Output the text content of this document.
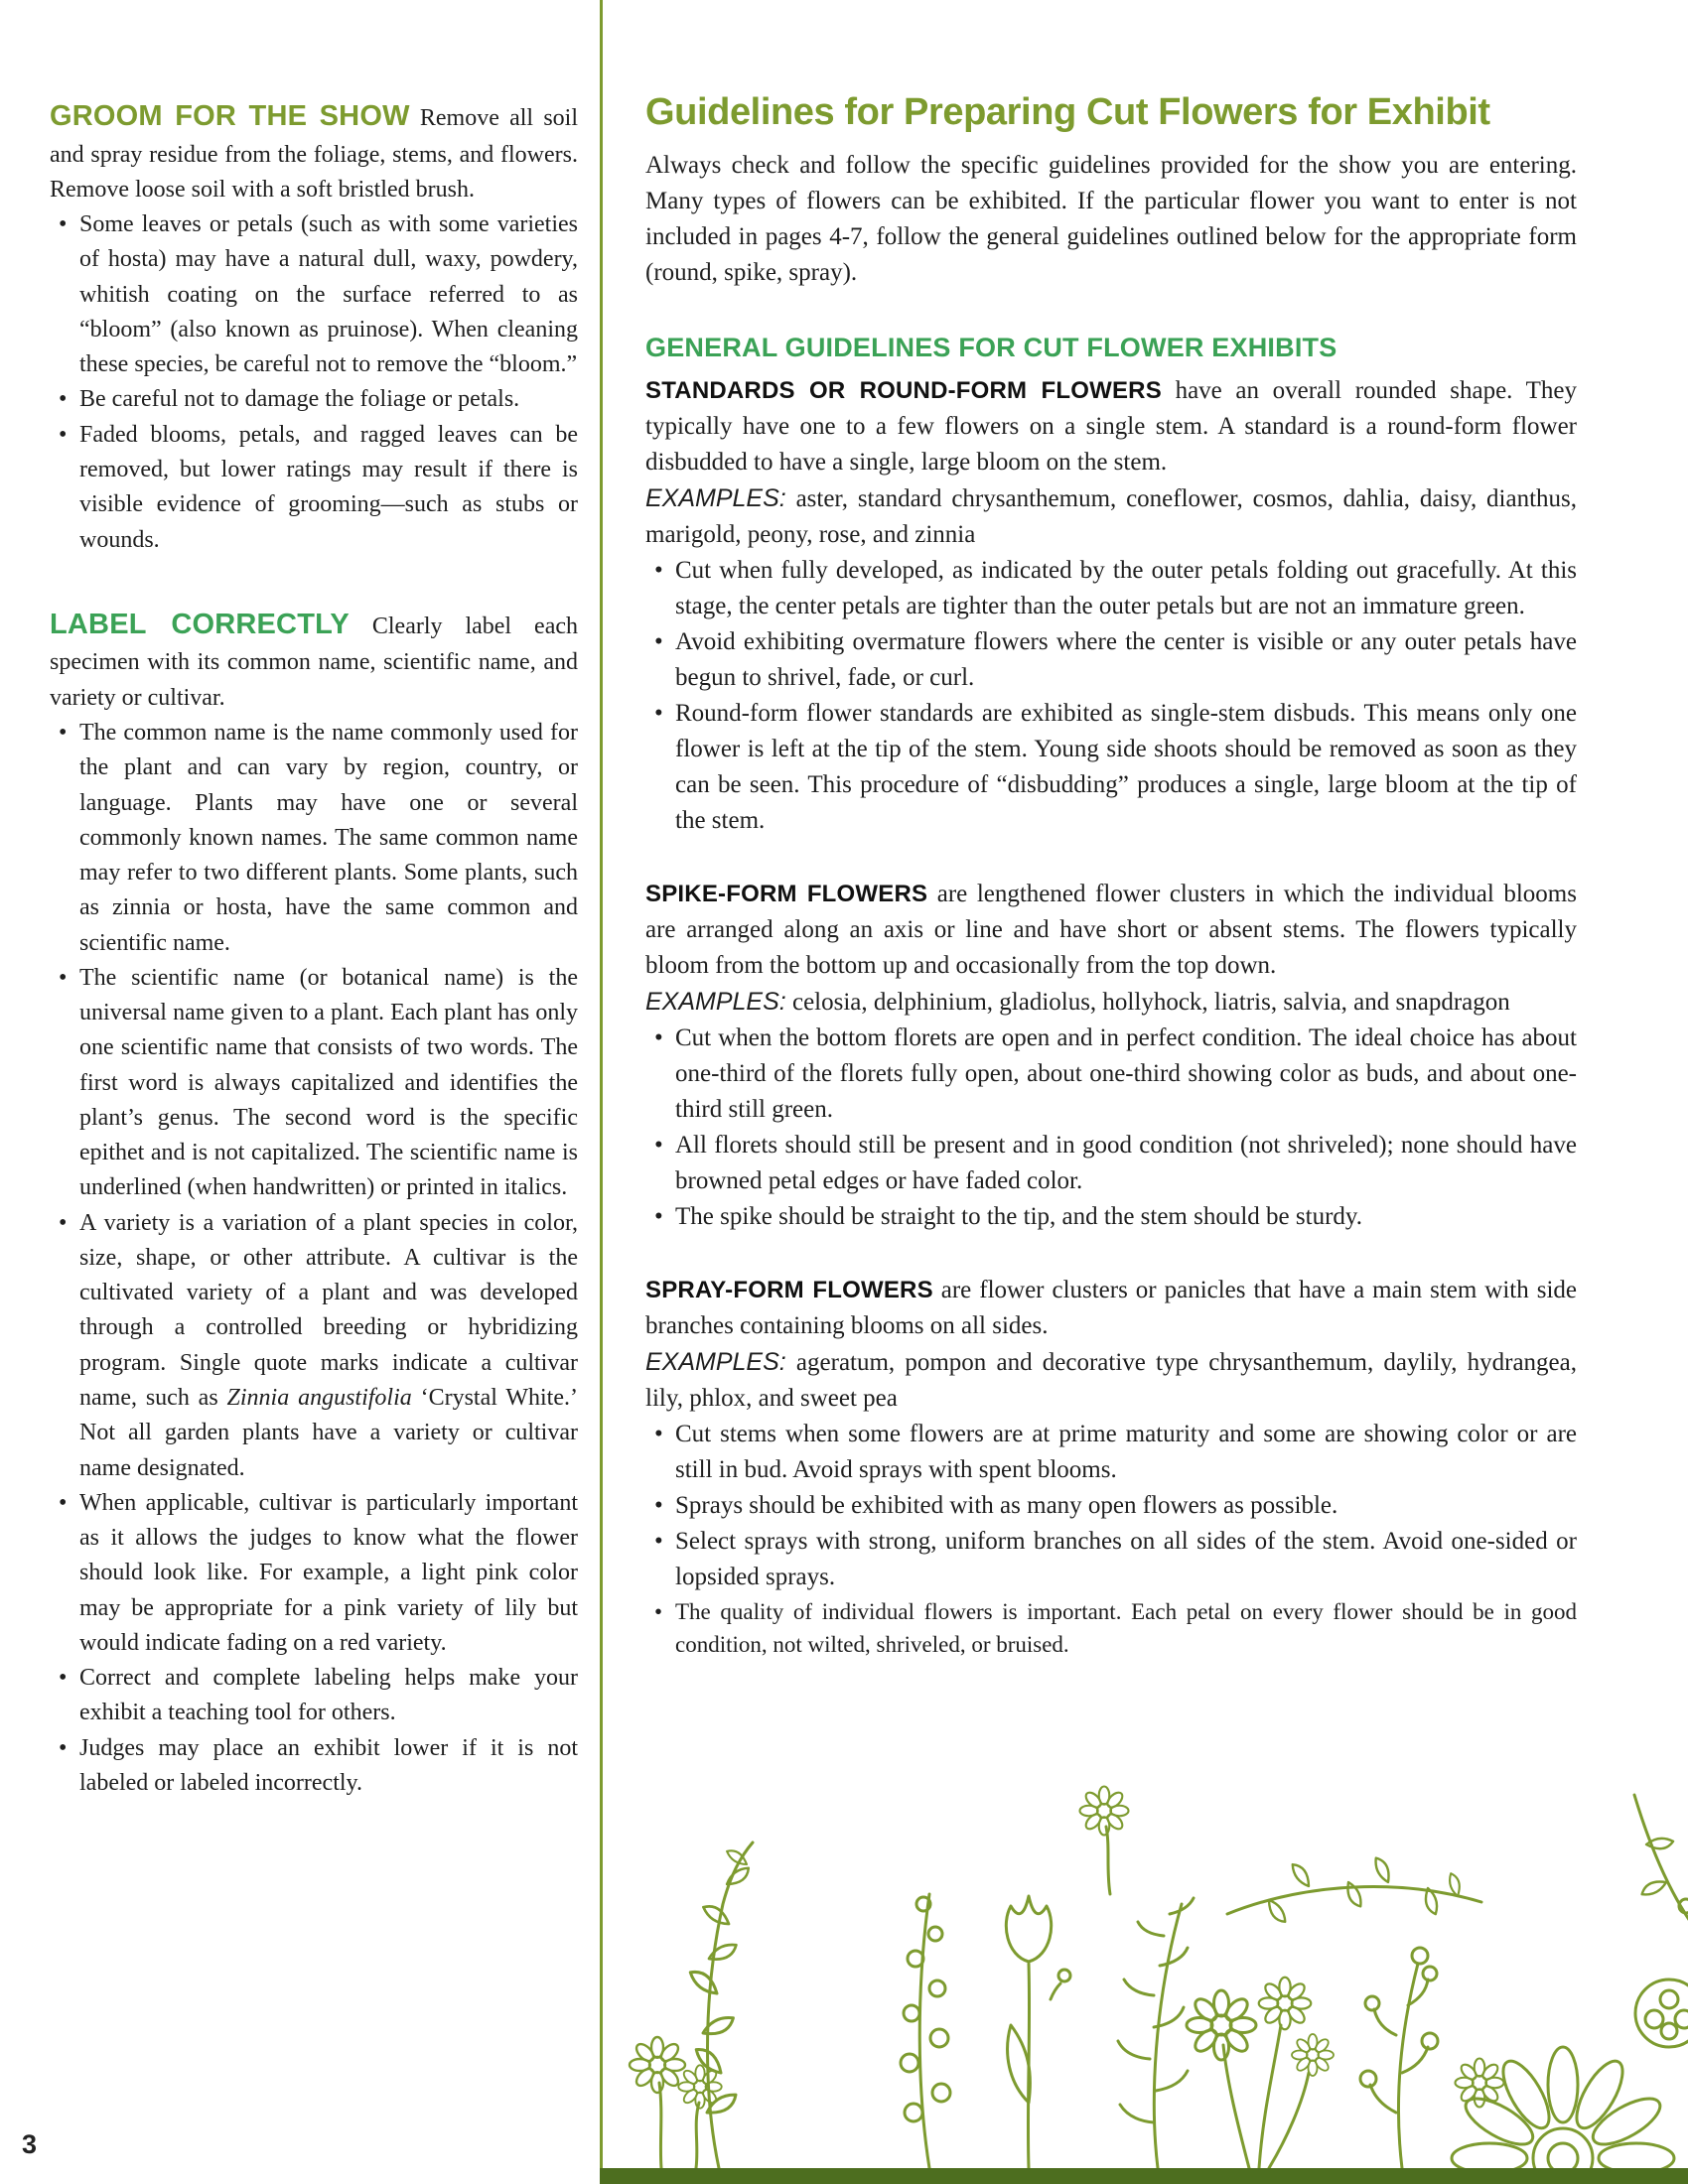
GROOM FOR THE SHOW Remove all soil and spray residue from the foliage, stems, and flowers. Remove loose soil with a soft bristled brush.

• Some leaves or petals (such as with some varieties of hosta) may have a natural dull, waxy, powdery, whitish coating on the surface referred to as “bloom” (also known as pruinose). When cleaning these species, be careful not to remove the “bloom.”
• Be careful not to damage the foliage or petals.
• Faded blooms, petals, and ragged leaves can be removed, but lower ratings may result if there is visible evidence of grooming—such as stubs or wounds.

LABEL CORRECTLY Clearly label each specimen with its common name, scientific name, and variety or cultivar.

• The common name is the name commonly used for the plant and can vary by region, country, or language. Plants may have one or several commonly known names. The same common name may refer to two different plants. Some plants, such as zinnia or hosta, have the same common and scientific name.
• The scientific name (or botanical name) is the universal name given to a plant. Each plant has only one scientific name that consists of two words. The first word is always capitalized and identifies the plant’s genus. The second word is the specific epithet and is not capitalized. The scientific name is underlined (when handwritten) or printed in italics.
• A variety is a variation of a plant species in color, size, shape, or other attribute. A cultivar is the cultivated variety of a plant and was developed through a controlled breeding or hybridizing program. Single quote marks indicate a cultivar name, such as Zinnia angustifolia ‘Crystal White.’ Not all garden plants have a variety or cultivar name designated.
• When applicable, cultivar is particularly important as it allows the judges to know what the flower should look like. For example, a light pink color may be appropriate for a pink variety of lily but would indicate fading on a red variety.
• Correct and complete labeling helps make your exhibit a teaching tool for others.
• Judges may place an exhibit lower if it is not labeled or labeled incorrectly.
Guidelines for Preparing Cut Flowers for Exhibit

Always check and follow the specific guidelines provided for the show you are entering. Many types of flowers can be exhibited. If the particular flower you want to enter is not included in pages 4-7, follow the general guidelines outlined below for the appropriate form (round, spike, spray).

GENERAL GUIDELINES FOR CUT FLOWER EXHIBITS

STANDARDS OR ROUND-FORM FLOWERS have an overall rounded shape. They typically have one to a few flowers on a single stem. A standard is a round-form flower disbudded to have a single, large bloom on the stem.

EXAMPLES: aster, standard chrysanthemum, coneflower, cosmos, dahlia, daisy, dianthus, marigold, peony, rose, and zinnia

• Cut when fully developed, as indicated by the outer petals folding out gracefully. At this stage, the center petals are tighter than the outer petals but are not an immature green.
• Avoid exhibiting overmature flowers where the center is visible or any outer petals have begun to shrivel, fade, or curl.
• Round-form flower standards are exhibited as single-stem disbuds. This means only one flower is left at the tip of the stem. Young side shoots should be removed as soon as they can be seen. This procedure of “disbudding” produces a single, large bloom at the tip of the stem.

SPIKE-FORM FLOWERS are lengthened flower clusters in which the individual blooms are arranged along an axis or line and have short or absent stems. The flowers typically bloom from the bottom up and occasionally from the top down.

EXAMPLES: celosia, delphinium, gladiolus, hollyhock, liatris, salvia, and snapdragon

• Cut when the bottom florets are open and in perfect condition. The ideal choice has about one-third of the florets fully open, about one-third showing color as buds, and about one-third still green.
• All florets should still be present and in good condition (not shriveled); none should have browned petal edges or have faded color.
• The spike should be straight to the tip, and the stem should be sturdy.

SPRAY-FORM FLOWERS are flower clusters or panicles that have a main stem with side branches containing blooms on all sides.

EXAMPLES: ageratum, pompon and decorative type chrysanthemum, daylily, hydrangea, lily, phlox, and sweet pea

• Cut stems when some flowers are at prime maturity and some are showing color or are still in bud. Avoid sprays with spent blooms.
• Sprays should be exhibited with as many open flowers as possible.
• Select sprays with strong, uniform branches on all sides of the stem. Avoid one-sided or lopsided sprays.
• The quality of individual flowers is important. Each petal on every flower should be in good condition, not wilted, shriveled, or bruised.
3
